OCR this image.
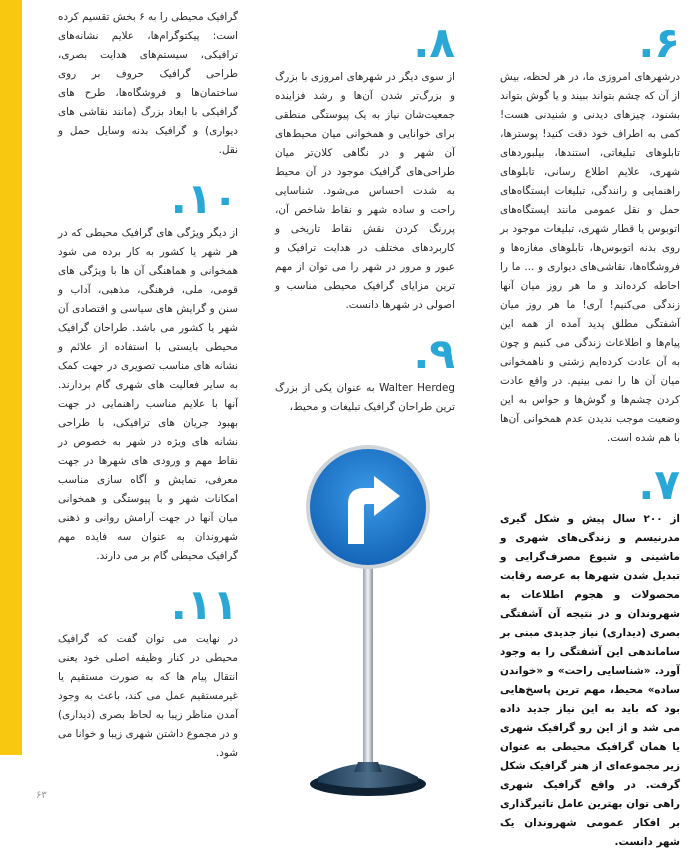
.۶

درشهرهای امروزی ما، در هر لحظه، بیش از آن که چشم بتواند ببیند و یا گوش بتواند بشنود، چیزهای دیدنی و شنیدنی هست! کمی به اطراف خود دقت کنید! پوسترها، تابلوهای تبلیغاتی، استندها، بیلبوردهای شهری، علایم اطلاع رسانی، تابلوهای راهنمایی و رانندگی، تبلیغات ایستگاه‌های حمل و نقل عمومی مانند ایستگاه‌های اتوبوس یا قطار شهری، تبلیغات موجود بر روی بدنه اتوبوس‌ها، تابلوهای مغازه‌ها و فروشگاه‌ها، نقاشی‌های دیواری و ... ما را احاطه کرده‌اند و ما هر روز میان آنها زندگی می‌کنیم! آری! ما هر روز میان آشفتگی مطلق پدید آمده از همه این پیام‌ها و اطلاعات زندگی می کنیم و چون به آن عادت کرده‌ایم زشتی و ناهمخوانی میان آن ها را نمی بینیم. در واقع عادت کردن چشم‌ها و گوش‌ها و حواس به این وضعیت موجب ندیدن عدم همخوانی آن‌ها با هم شده است.

.۷

از ۲۰۰ سال پیش و شکل گیری مدرنیسم و زندگی‌های شهری و ماشینی و شیوع مصرف‌گرایی و تبدیل شدن شهرها به عرصه رقابت محصولات و هجوم اطلاعات به شهروندان و در نتیجه آن آشفتگی بصری (دیداری) نیاز جدیدی مبنی بر ساماندهی این آشفتگی را به وجود آورد. «شناسایی راحت» و «خواندن ساده» محیط، مهم ترین پاسخ‌هایی بود که باید به این نیاز جدید داده می شد و از این رو گرافیک شهری یا همان گرافیک محیطی به عنوان زیر مجموعه‌ای از هنر گرافیک شکل گرفت. در واقع گرافیک شهری راهی توان بهترین عامل تاثیرگذاری بر افکار عمومی شهروندان یک شهر دانست.

.۸

از سوی دیگر در شهرهای امروزی با بزرگ و بزرگ‌تر شدن آن‌ها و رشد فزاینده جمعیت‌شان نیاز به یک پیوستگی منطقی برای خوانایی و همخوانی میان محیط‌های آن شهر و در نگاهی کلان‌تر میان طراحی‌های گرافیک موجود در آن محیط به شدت احساس می‌شود. شناسایی راحت و ساده شهر و نقاط شاخص آن، پررنگ کردن نقش نقاط تاریخی و کاربردهای مختلف در هدایت ترافیک و عبور و مرور در شهر را می توان از مهم ترین مزایای گرافیک محیطی مناسب و اصولی در شهرها دانست.

.۹

Walter Herdeg به عنوان یکی از بزرگ ترین طراحان گرافیک تبلیغات و محیط،

گرافیک محیطی را به ۶ بخش تقسیم کرده است: پیکتوگرام‌ها، علایم نشانه‌های ترافیکی، سیستم‌های هدایت بصری، طراحی گرافیک حروف بر روی ساختمان‌ها و فروشگاه‌ها، طرح های گرافیکی با ابعاد بزرگ (مانند نقاشی های دیواری) و گرافیک بدنه وسایل حمل و نقل.

.۱۰

از دیگر ویژگی های گرافیک محیطی که در هر شهر یا کشور به کار برده می شود همخوانی و هماهنگی آن ها با ویژگی های قومی، ملی، فرهنگی، مذهبی، آداب و سنن و گرایش های سیاسی و اقتصادی آن شهر یا کشور می باشد. طراحان گرافیک محیطی بایستی با استفاده از علائم و نشانه های مناسب تصویری در جهت کمک به سایر فعالیت های شهری گام بردارند. آنها با علایم مناسب راهنمایی در جهت بهبود جریان های ترافیکی، با طراحی نشانه های ویژه در شهر به خصوص در نقاط مهم و ورودی های شهرها در جهت معرفی، نمایش و آگاه سازی مناسب امکانات شهر و با پیوستگی و همخوانی میان آنها در جهت آرامش روانی و ذهنی شهروندان به عنوان سه فایده مهم گرافیک محیطی گام بر می دارند.

.۱۱

در نهایت می توان گفت که گرافیک محیطی در کنار وظیفه اصلی خود یعنی انتقال پیام ها که به صورت مستقیم یا غیرمستقیم عمل می کند، باعث به وجود آمدن مناظر زیبا به لحاظ بصری (دیداری) و در مجموع داشتن شهری زیبا و خوانا می شود.

۶۳
